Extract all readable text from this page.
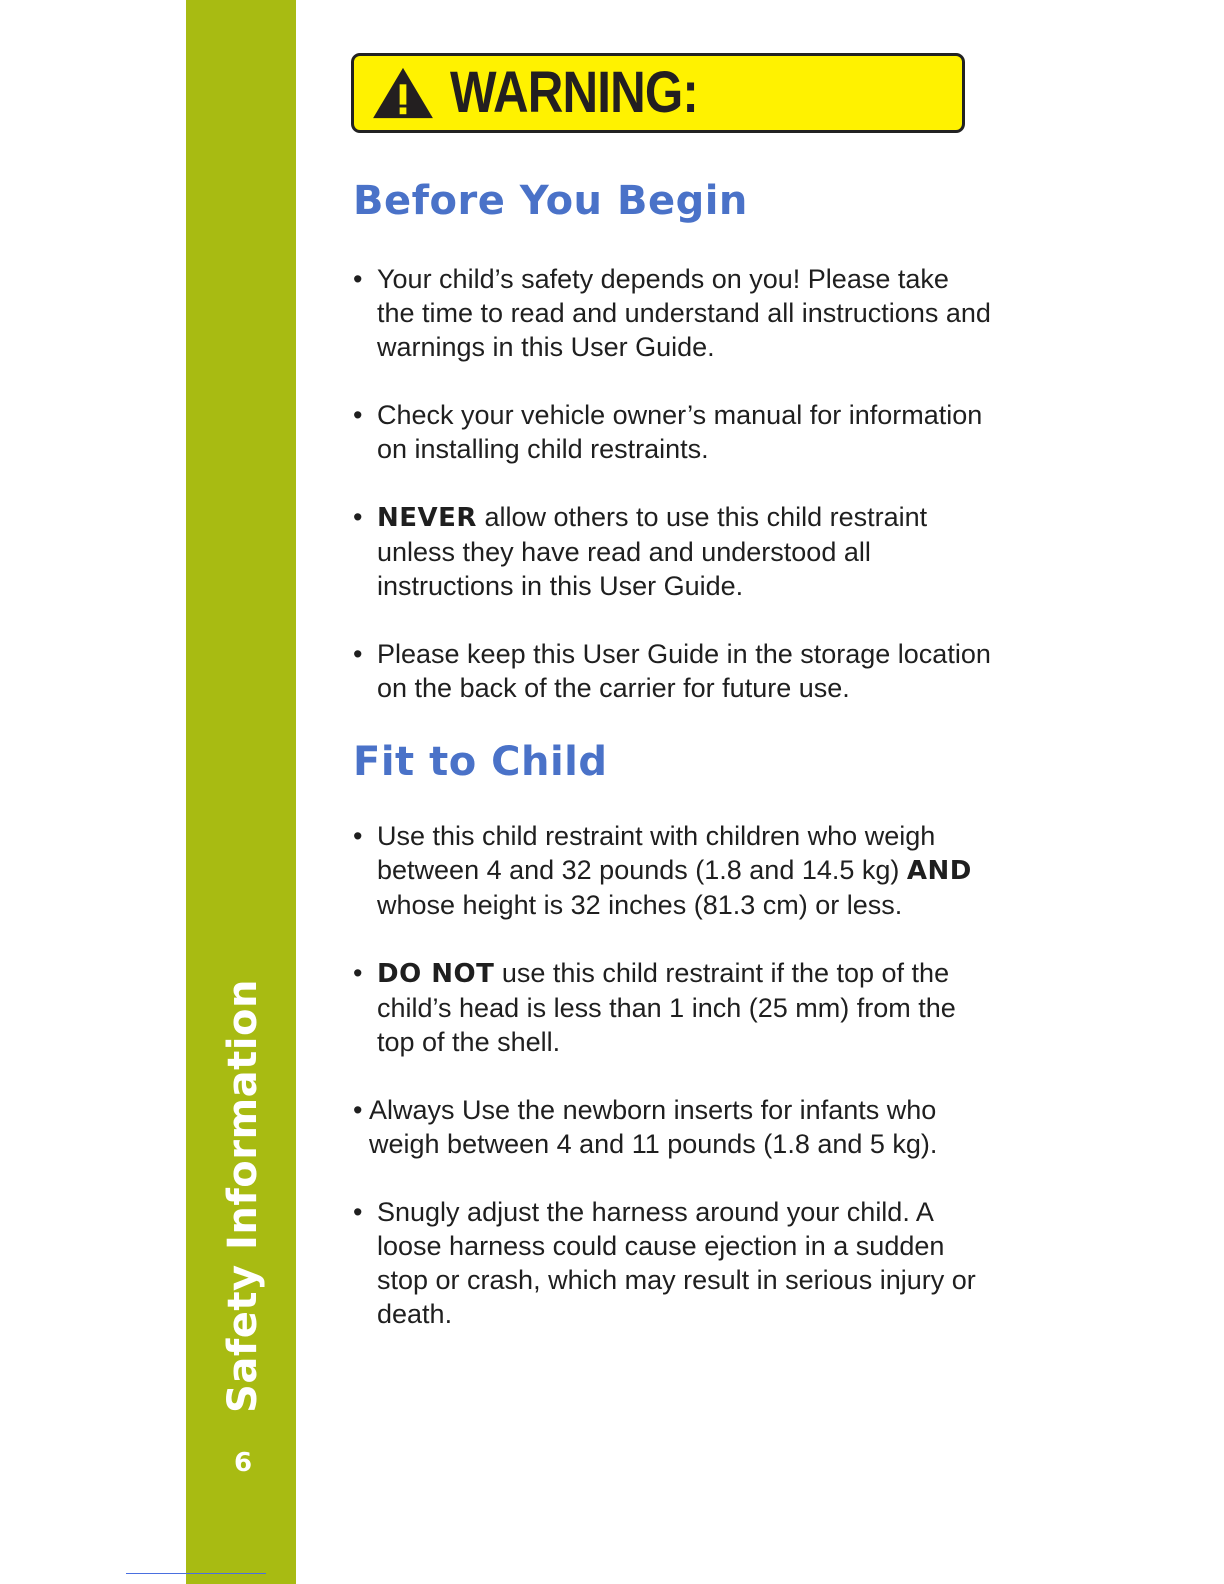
Safety Information
6
WARNING:
Before You Begin
• Your child’s safety depends on you! Please take the time to read and understand all instructions and warnings in this User Guide.
• Check your vehicle owner’s manual for information on installing child restraints.
• NEVER allow others to use this child restraint unless they have read and understood all instructions in this User Guide.
• Please keep this User Guide in the storage location on the back of the carrier for future use.
Fit to Child
• Use this child restraint with children who weigh between 4 and 32 pounds (1.8 and 14.5 kg) AND whose height is 32 inches (81.3 cm) or less.
• DO NOT use this child restraint if the top of the child’s head is less than 1 inch (25 mm) from the top of the shell.
• Always Use the newborn inserts for infants who weigh between 4 and 11 pounds (1.8 and 5 kg).
• Snugly adjust the harness around your child. A loose harness could cause ejection in a sudden stop or crash, which may result in serious injury or death.
